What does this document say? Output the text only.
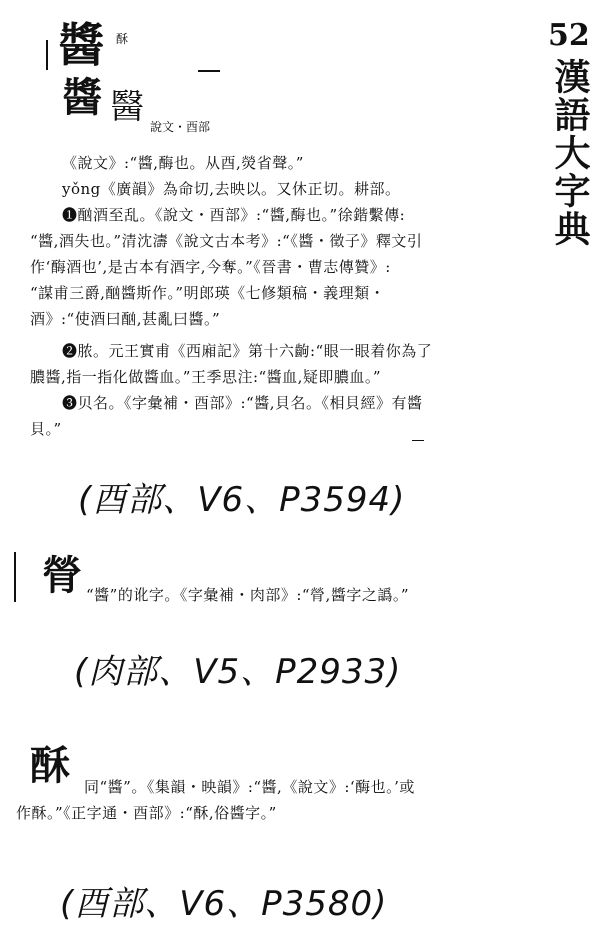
52
漢語大字典
醬 酥
醬 醫 說文・酉部
《說文》:“醬,酶也。从酉,熒省聲。”
yǒng《廣韻》為命切,去映以。又休正切。耕部。
❶酗酒至乱。《說文・酉部》:“醬,酶也。”徐鍇繫傳:
“醬,酒失也。”清沈濤《說文古本考》:“《醬・徵子》釋文引
作‘酶酒也’,是古本有酒字,今奪。”《晉書・曹志傳贊》:
“謀甫三爵,酗醬斯作。”明郎瑛《七修類稿・義理類・
酒》:“使酒曰酗,甚亂曰醬。”
❷脓。元王實甫《西廂記》第十六齣:“眼一眼着你為了
膿醬,指一指化做醬血。”王季思注:“醬血,疑即膿血。”
❸贝名。《字彙補・酉部》:“醬,貝名。《相貝經》有醬
貝。”
(酉部、V6、P3594)
膋 “醬”的讹字。《字彙補・肉部》:“膋,醬字之譌。”
(肉部、V5、P2933)
酥 同“醬”。《集韻・映韻》:“醬,《說文》:‘酶也。’或
作酥。”《正字通・酉部》:“酥,俗醬字。”
(酉部、V6、P3580)
